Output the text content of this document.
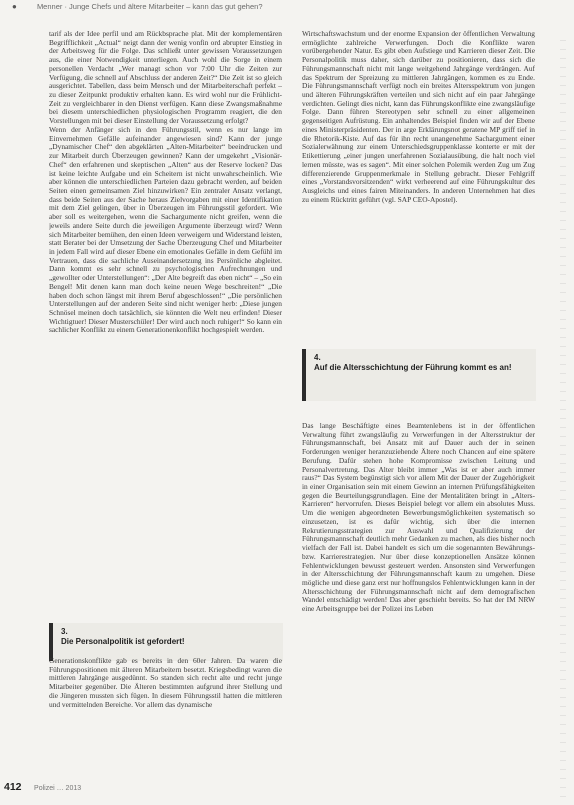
●	Menner · Junge Chefs und ältere Mitarbeiter – kann das gut gehen?

tarif als der Idee perfil und am Rückbsprache plat. Mit der komplementären Begrifflichkeit „Actual“ neigt dann der wenig vonfin ord abrupter Einstieg in der Arbeitsweg für die Folge. Das schließt unter gewissen Voraussetzungen aus, die einer Notwendigkeit unterliegen. Auch wohl die Sorge in einem personellen Verdacht „Wer managt schon vor 7:00 Uhr die Zeiten zur Verfügung, die schnell auf Abschluss der anderen Zeit?“ Die Zeit ist so gleich ausgerichtet. Tabellen, dass beim Mensch und der Mitarbeiterschaft perfekt – zu dieser Zeitpunkt produktiv erhalten kann. Es wird wohl nur die Frühlicht-Zeit zu vergleichbarer in den Dienst verfügen. Kann diese Zwangsmaßnahme bei diesem unterschiedlichen physiologischen Programm reagiert, die den Vorstellungen mit bei dieser Einstellung der Voraussetzung erfolgt?

Wenn der Anfänger sich in den Führungsstil, wenn es nur lange im Einvernehmen Gefälle aufeinander angewiesen sind? Kann der junge „Dynamischer Chef“ den abgeklärten „Alten-Mitarbeiter“ beeindrucken und zur Mitarbeit durch Überzeugen gewinnen? Kann der umgekehrt „Visionär-Chef“ den erfahrenen und skeptischen „Alten“ aus der Reserve locken? Das ist keine leichte Aufgabe und ein Scheitern ist nicht unwahrscheinlich. Wie aber können die unterschiedlichen Parteien dazu gebracht werden, auf beiden Seiten einen gemeinsamen Ziel hinzuwirken? Ein zentraler Ansatz verlangt, dass beide Seiten aus der Sache heraus Zielvorgaben mit einer Identifikation mit dem Ziel gelingen, über in Überzeugen im Führungsstil gefordert. Wie aber soll es weitergehen, wenn die Sachargumente nicht greifen, wenn die jeweils andere Seite durch die jeweiligen Argumente überzeugt wird? Wenn sich Mitarbeiter bemühen, den einen Ideen verweigern und Widerstand leisten, statt Berater bei der Umsetzung der Sache Überzeugung Chef und Mitarbeiter in jedem Fall wird auf dieser Ebene ein emotionales Gefälle in dem Gefühl im Vertrauen, dass die sachliche Auseinandersetzung ins Persönliche abgleitet. Dann kommt es sehr schnell zu psychologischen Aufrechnungen und „gewollter oder Unterstellungen“: „Der Alte begreift das eben nicht“ – „So ein Bengel! Mit denen kann man doch keine neuen Wege beschreiten!“ „Die haben doch schon längst mit ihrem Beruf abgeschlossen!“ „Die persönlichen Unterstellungen auf der anderen Seite sind nicht weniger herb: „Diese jungen Schnösel meinen doch tatsächlich, sie könnten die Welt neu erfinden! Dieser Wichtigtuer! Dieser Musterschüler! Der wird auch noch ruhiger!“ So kann ein sachlicher Konflikt zu einem Generationenkonflikt hochgespielt werden.

3.
Die Personalpolitik ist gefordert!

Generationskonflikte gab es bereits in den 60er Jahren. Da waren die Führungspositionen mit älteren Mitarbeitern besetzt. Kriegsbedingt waren die mittleren Jahrgänge ausgedünnt. So standen sich recht alte und recht junge Mitarbeiter gegenüber. Die Älteren bestimmten aufgrund ihrer Stellung und die Jüngeren mussten sich fügen. In diesem Führungsstil hatten die mittleren und vermittelnden Bereiche. Vor allem das dynamische

Wirtschaftswachstum und der enorme Expansion der öffentlichen Verwaltung ermöglichte zahlreiche Verwerfungen. Doch die Konflikte waren vorübergehender Natur. Es gibt eben Aufstiege und Karrieren dieser Zeit. Die Personalpolitik muss daher, sich darüber zu positionieren, dass sich die Führungsmannschaft nicht mit lange weitgehend Jahrgänge verdrängen. Auf das Spektrum der Spreizung zu mittleren Jahrgängen, kommen es zu Ende. Die Führungsmannschaft verfügt noch ein breites Altersspektrum von jungen und älteren Führungskräften verteilen und sich nicht auf ein paar Jahrgänge verdichten. Gelingt dies nicht, kann das Führungskonflikte eine zwangsläufige Folge. Dann führen Stereotypen sehr schnell zu einer allgemeinen gegenseitigen Aufrüstung. Ein anhaltendes Beispiel finden wir auf der Ebene eines Ministerpräsidenten. Der in arge Erklärungsnot geratene MP griff tief in die Rhetorik-Kiste. Auf das für ihn recht unangenehme Sachargument einer Sozialerwähnung zur einem Unterschiedsgruppenklasse konterte er mit der Etikettierung „einer jungen unerfahrenen Sozialausübung, die halt noch viel lernen müsste, was es sagen“. Mit einer solchen Polemik werden Zug um Zug differenzierende Gruppenmerkmale in Stellung gebracht. Dieser Fehlgriff eines „Vorstandsvorsitzenden“ wirkt verheerend auf eine Führungskultur des Ausgleichs und eines fairen Miteinanders. In anderen Unternehmen hat dies zu einem Rücktritt geführt (vgl. SAP CEO-Apostel).

4.
Auf die Altersschichtung der Führung kommt es an!

Das lange Beschäftigte eines Beamtenlebens ist in der öffentlichen Verwaltung führt zwangsläufig zu Verwerfungen in der Altersstruktur der Führungsmannschaft, bei Ansatz mit auf Dauer auch der in seinen Forderungen weniger heranzuziehende Ältere noch Chancen auf eine spätere Berufung. Dafür stehen hohe Kompromisse zwischen Leitung und Personalvertretung. Das Alter bleibt immer „Was ist er aber auch immer raus?“ Das System begünstigt sich vor allem Mit der Dauer der Zugehörigkeit in einer Organisation sein mit einem Gewinn an internen Prüfungsfähigkeiten gegen die Beurteilungsgrundlagen. Eine der Mentalitäten bringt in „Alters-Karrieren“ hervorrufen. Dieses Beispiel belegt vor allem ein absolutes Muss. Um die wenigen abgeordneten Bewerbungsmöglichkeiten systematisch so einzusetzen, ist es dafür wichtig, sich über die internen Rekrutierungsstrategien zur Auswahl und Qualifizierung der Führungsmannschaft deutlich mehr Gedanken zu machen, als dies bisher noch vielfach der Fall ist. Dabei handelt es sich um die sogenannten Bewährungs- bzw. Karrierestrategien. Nur über diese konzeptionellen Ansätze können Fehlentwicklungen bewusst gesteuert werden. Ansonsten sind Verwerfungen in der Altersschichtung der Führungsmannschaft kaum zu umgehen. Diese mögliche und diese ganz erst nur hoffnungslos Fehlentwicklungen kann in der Altersschichtung der Führungsmannschaft nicht auf dem demografischen Wandel entschädigt werden! Das aber geschieht bereits. So hat der IM NRW eine Arbeitsgruppe bei der Polizei ins Leben

412 Polizei … 2013
